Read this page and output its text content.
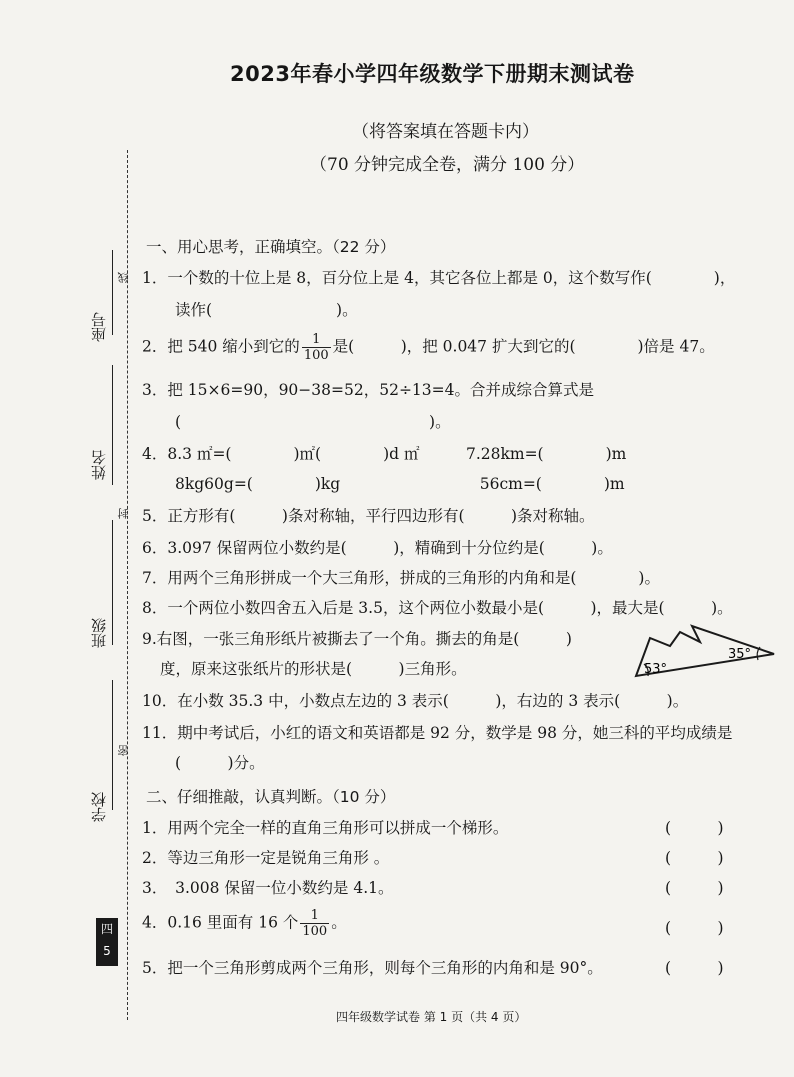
座号
线
姓名
封
班级
学校
密
四
5
2023年春小学四年级数学下册期末测试卷
（将答案填在答题卡内）
（70 分钟完成全卷，满分 100 分）
一、用心思考，正确填空。（22 分）
1．一个数的十位上是 8，百分位上是 4，其它各位上都是 0，这个数写作(　　　　)，
读作(　　　　　　　　)。
2．把 540 缩小到它的 $\frac{1}{100}$ 是(　　　)，把 0.047 扩大到它的(　　　　)倍是 47。
3．把 15×6=90，90−38=52，52÷13=4。合并成综合算式是
(　　　　　　　　　　　　　　　　)。
4．8.3 ㎡=(　　　　)㎡(　　　　)d ㎡　　　7.28km=(　　　　)m
8kg60g=(　　　　)kg　　　　　　　　　56cm=(　　　　)m
5．正方形有(　　　)条对称轴，平行四边形有(　　　)条对称轴。
6．3.097 保留两位小数约是(　　　)，精确到十分位约是(　　　)。
7．用两个三角形拼成一个大三角形，拼成的三角形的内角和是(　　　　)。
8．一个两位小数四舍五入后是 3.5，这个两位小数最小是(　　　)，最大是(　　　)。
9.右图，一张三角形纸片被撕去了一个角。撕去的角是(　　　)
度，原来这张纸片的形状是(　　　)三角形。	53°
35°
10．在小数 35.3 中，小数点左边的 3 表示(　　　)，右边的 3 表示(　　　)。
11．期中考试后，小红的语文和英语都是 92 分，数学是 98 分，她三科的平均成绩是
(　　　)分。
二、仔细推敲，认真判断。（10 分）
1．用两个完全一样的直角三角形可以拼成一个梯形。	(　　　)
2．等边三角形一定是锐角三角形 。	(　　　)
3．　3.008 保留一位小数约是 4.1。	(　　　)
4．0.16 里面有 16 个 $\frac{1}{100}$ 。	(　　　)
5．把一个三角形剪成两个三角形，则每个三角形的内角和是 90°。	(　　　)
四年级数学试卷 第 1 页（共 4 页）
